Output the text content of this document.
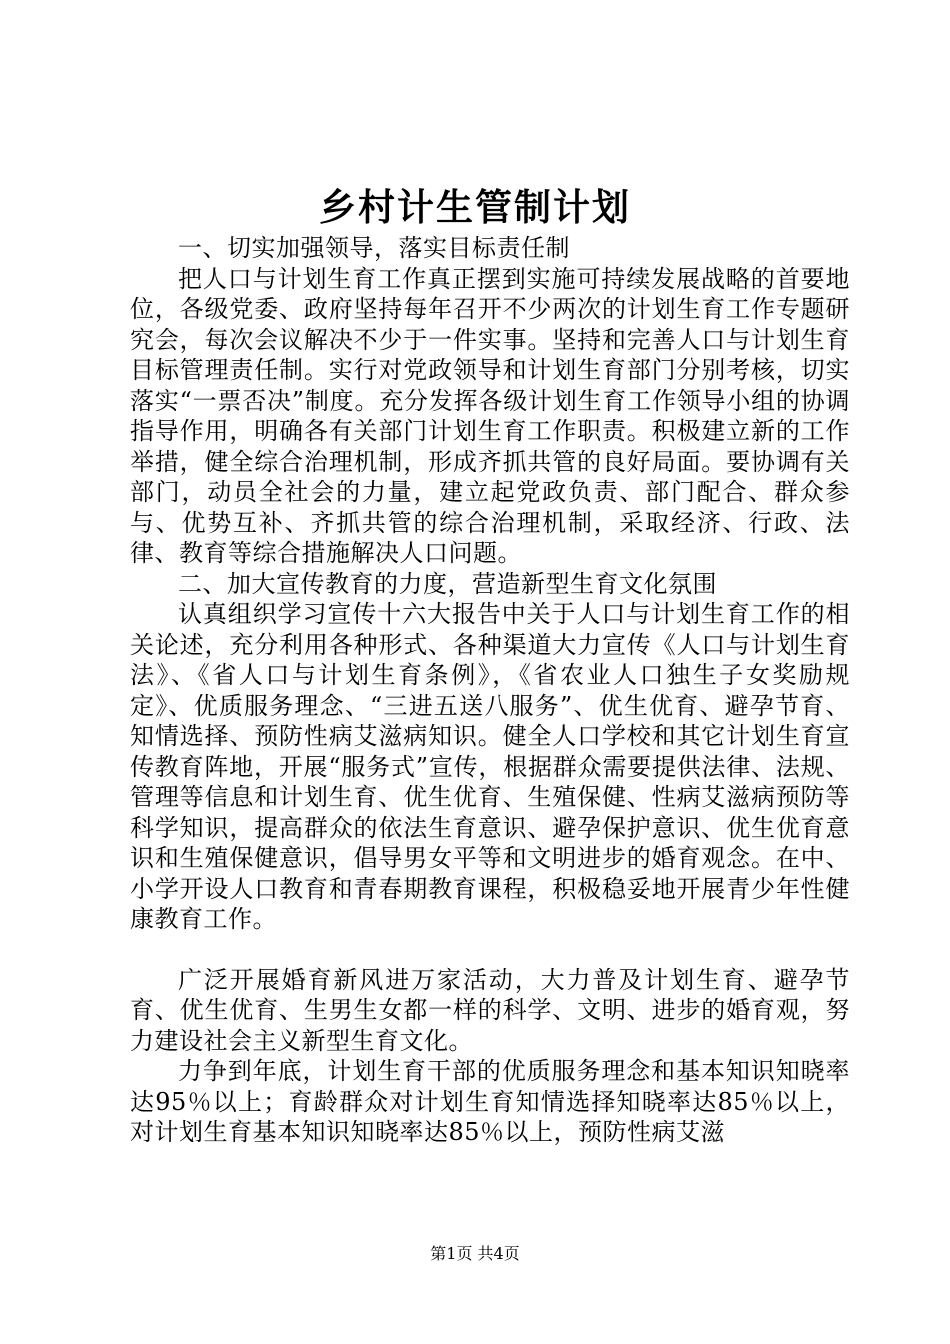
乡村计生管制计划

一、切实加强领导，落实目标责任制

把人口与计划生育工作真正摆到实施可持续发展战略的首要地位，各级党委、政府坚持每年召开不少两次的计划生育工作专题研究会，每次会议解决不少于一件实事。坚持和完善人口与计划生育目标管理责任制。实行对党政领导和计划生育部门分别考核，切实落实“一票否决”制度。充分发挥各级计划生育工作领导小组的协调指导作用，明确各有关部门计划生育工作职责。积极建立新的工作举措，健全综合治理机制，形成齐抓共管的良好局面。要协调有关部门，动员全社会的力量，建立起党政负责、部门配合、群众参与、优势互补、齐抓共管的综合治理机制，采取经济、行政、法律、教育等综合措施解决人口问题。

二、加大宣传教育的力度，营造新型生育文化氛围

认真组织学习宣传十六大报告中关于人口与计划生育工作的相关论述，充分利用各种形式、各种渠道大力宣传《人口与计划生育法》、《省人口与计划生育条例》，《省农业人口独生子女奖励规定》、优质服务理念、“三进五送八服务”、优生优育、避孕节育、知情选择、预防性病艾滋病知识。健全人口学校和其它计划生育宣传教育阵地，开展“服务式”宣传，根据群众需要提供法律、法规、管理等信息和计划生育、优生优育、生殖保健、性病艾滋病预防等科学知识，提高群众的依法生育意识、避孕保护意识、优生优育意识和生殖保健意识，倡导男女平等和文明进步的婚育观念。在中、小学开设人口教育和青春期教育课程，积极稳妥地开展青少年性健康教育工作。

广泛开展婚育新风进万家活动，大力普及计划生育、避孕节育、优生优育、生男生女都一样的科学、文明、进步的婚育观，努力建设社会主义新型生育文化。

力争到年底，计划生育干部的优质服务理念和基本知识知晓率达95％以上；育龄群众对计划生育知情选择知晓率达85％以上，对计划生育基本知识知晓率达85％以上，预防性病艾滋

第1页 共4页
